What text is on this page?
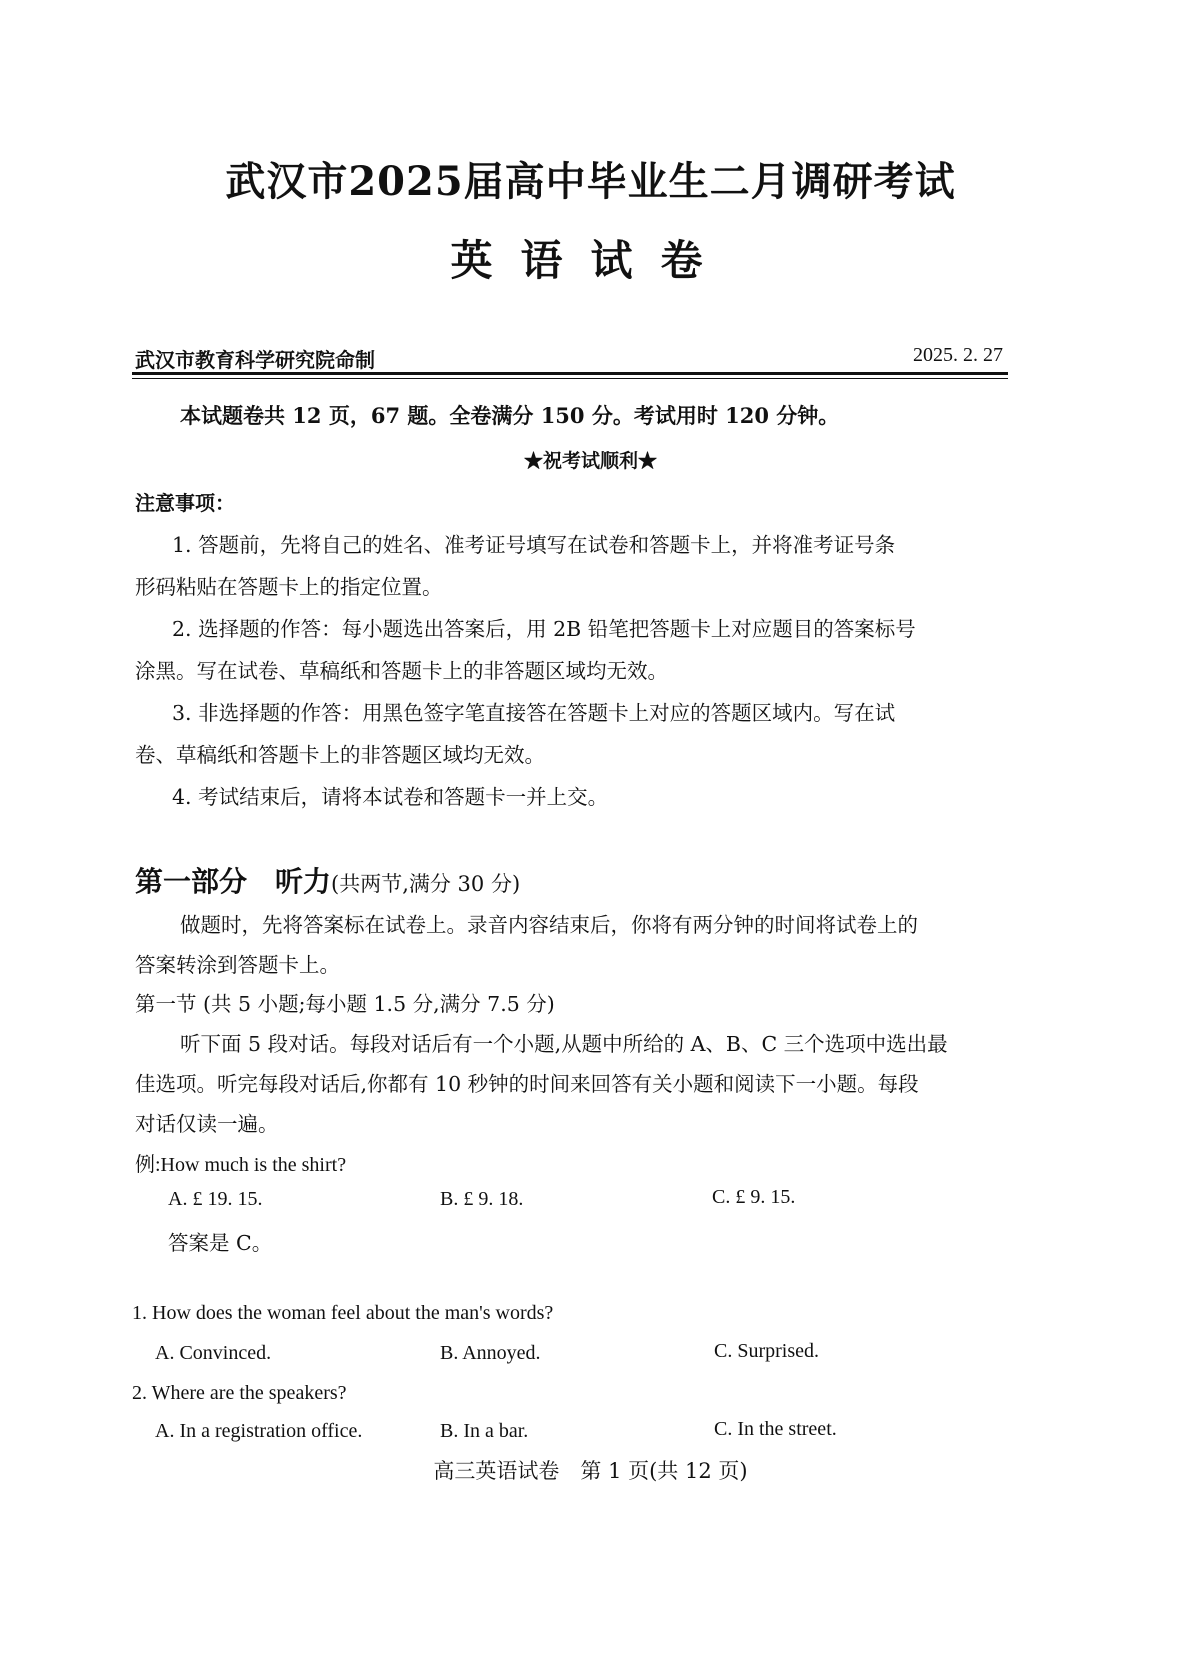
武汉市2025届高中毕业生二月调研考试
英语试卷
武汉市教育科学研究院命制	2025. 2. 27
本试题卷共 12 页，67 题。全卷满分 150 分。考试用时 120 分钟。
★祝考试顺利★
注意事项：
1. 答题前，先将自己的姓名、准考证号填写在试卷和答题卡上，并将准考证号条
形码粘贴在答题卡上的指定位置。
2. 选择题的作答：每小题选出答案后，用 2B 铅笔把答题卡上对应题目的答案标号
涂黑。写在试卷、草稿纸和答题卡上的非答题区域均无效。
3. 非选择题的作答：用黑色签字笔直接答在答题卡上对应的答题区域内。写在试
卷、草稿纸和答题卡上的非答题区域均无效。
4. 考试结束后，请将本试卷和答题卡一并上交。
第一部分　听力(共两节,满分 30 分)
做题时，先将答案标在试卷上。录音内容结束后，你将有两分钟的时间将试卷上的
答案转涂到答题卡上。
第一节 (共 5 小题;每小题 1.5 分,满分 7.5 分)
听下面 5 段对话。每段对话后有一个小题,从题中所给的 A、B、C 三个选项中选出最
佳选项。听完每段对话后,你都有 10 秒钟的时间来回答有关小题和阅读下一小题。每段
对话仅读一遍。
例:How much is the shirt?
A. £ 19. 15.	B. £ 9. 18.	C. £ 9. 15.
答案是 C。
1. How does the woman feel about the man's words?
A. Convinced.	B. Annoyed.	C. Surprised.
2. Where are the speakers?
A. In a registration office.	B. In a bar.	C. In the street.
高三英语试卷　第 1 页(共 12 页)
